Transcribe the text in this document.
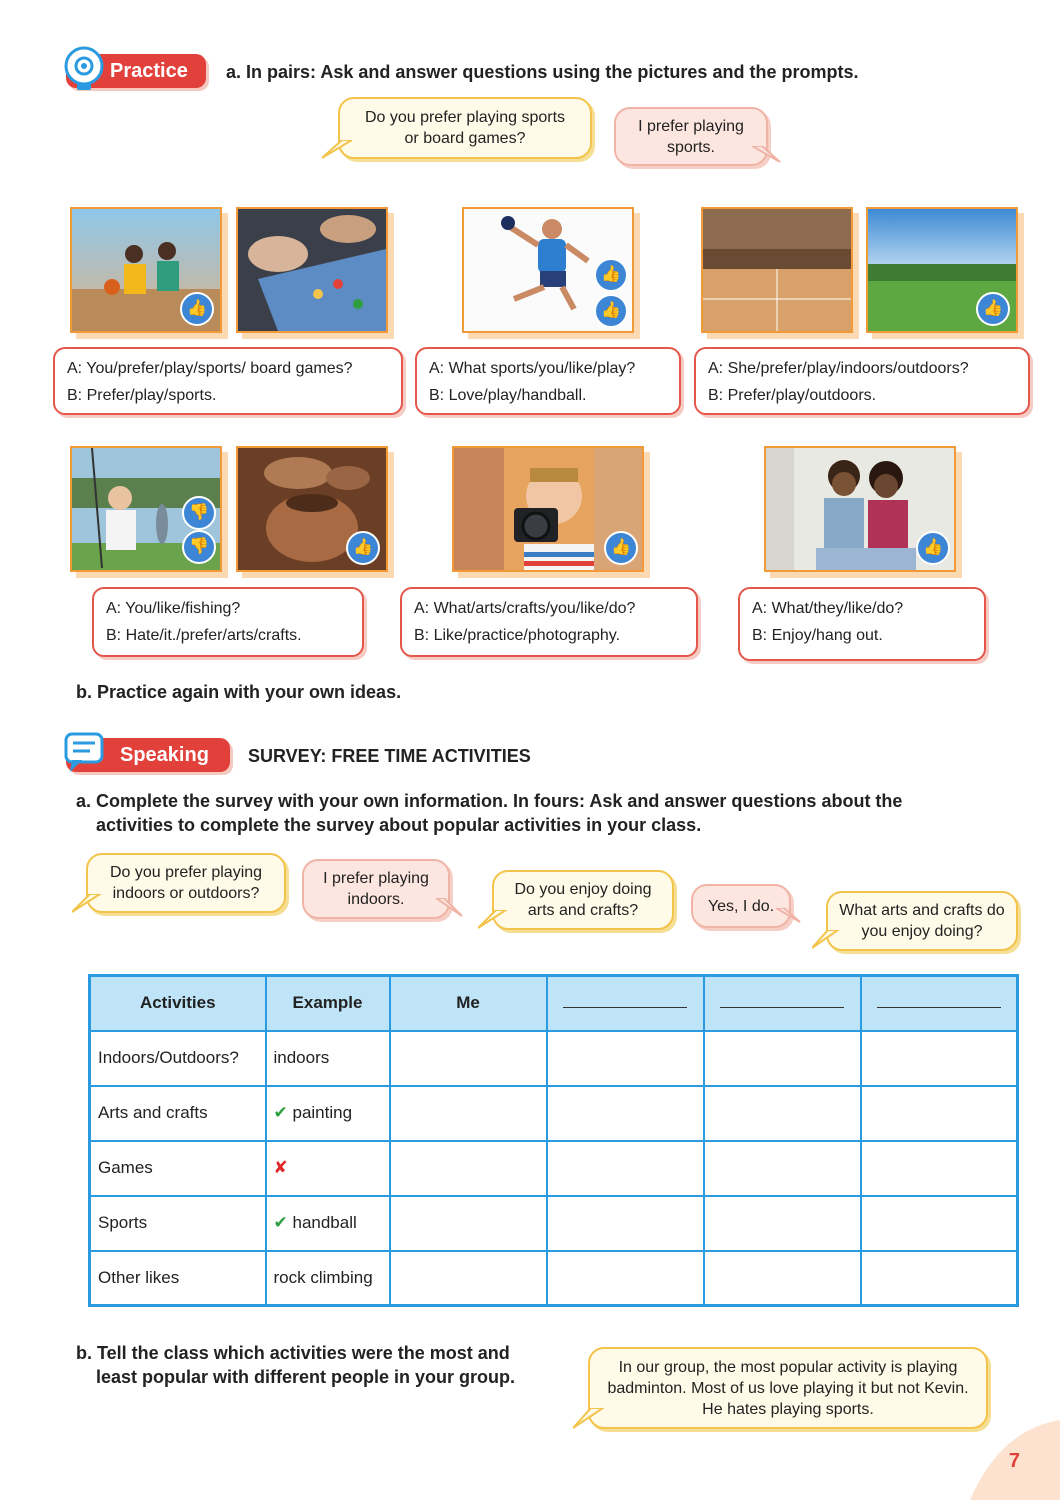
Practice a. In pairs: Ask and answer questions using the pictures and the prompts.
Do you prefer playing sports or board games?
I prefer playing sports.
👍
👍
👍	👍
A: You/prefer/play/sports/ board games?
B: Prefer/play/sports.
A: What sports/you/like/play?
B: Love/play/handball.
A: She/prefer/play/indoors/outdoors?
B: Prefer/play/outdoors.
👎
👎	👍	👍	👍
A: You/like/fishing?
B: Hate/it./prefer/arts/crafts.
A: What/arts/crafts/you/like/do?
B: Like/practice/photography.
A: What/they/like/do?
B: Enjoy/hang out.
b. Practice again with your own ideas.
Speaking SURVEY: FREE TIME ACTIVITIES
a. Complete the survey with your own information. In fours: Ask and answer questions about the
activities to complete the survey about popular activities in your class.
Do you prefer playing indoors or outdoors?
I prefer playing indoors.
Do you enjoy doing arts and crafts?	Yes, I do.	What arts and crafts do you enjoy doing?
Activities	Example	Me			
Indoors/Outdoors?	indoors				
Arts and crafts	✔ painting				
Games	✘				
Sports	✔ handball				
Other likes	rock climbing				
b. Tell the class which activities were the most and
least popular with different people in your group.	In our group, the most popular activity is playing badminton. Most of us love playing it but not Kevin. He hates playing sports.
7
